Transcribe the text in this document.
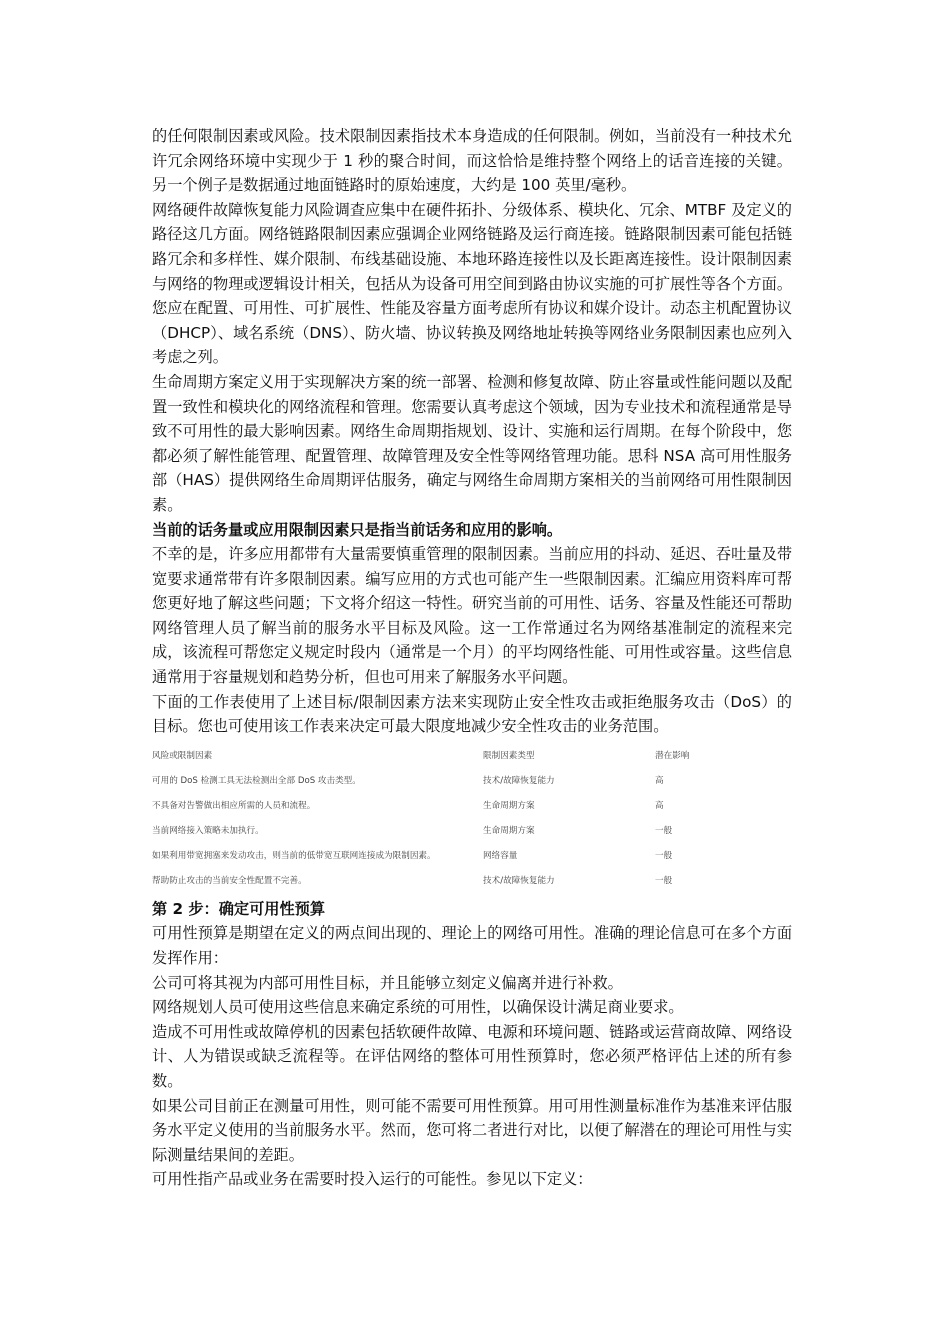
的任何限制因素或风险。技术限制因素指技术本身造成的任何限制。例如，当前没有一种技术允许冗余网络环境中实现少于 1 秒的聚合时间，而这恰恰是维持整个网络上的话音连接的关键。另一个例子是数据通过地面链路时的原始速度，大约是 100 英里/毫秒。

网络硬件故障恢复能力风险调查应集中在硬件拓扑、分级体系、模块化、冗余、MTBF 及定义的路径这几方面。网络链路限制因素应强调企业网络链路及运行商连接。链路限制因素可能包括链路冗余和多样性、媒介限制、布线基础设施、本地环路连接性以及长距离连接性。设计限制因素与网络的物理或逻辑设计相关，包括从为设备可用空间到路由协议实施的可扩展性等各个方面。您应在配置、可用性、可扩展性、性能及容量方面考虑所有协议和媒介设计。动态主机配置协议（DHCP）、域名系统（DNS）、防火墙、协议转换及网络地址转换等网络业务限制因素也应列入考虑之列。

生命周期方案定义用于实现解决方案的统一部署、检测和修复故障、防止容量或性能问题以及配置一致性和模块化的网络流程和管理。您需要认真考虑这个领域，因为专业技术和流程通常是导致不可用性的最大影响因素。网络生命周期指规划、设计、实施和运行周期。在每个阶段中，您都必须了解性能管理、配置管理、故障管理及安全性等网络管理功能。思科 NSA 高可用性服务部（HAS）提供网络生命周期评估服务，确定与网络生命周期方案相关的当前网络可用性限制因素。

当前的话务量或应用限制因素只是指当前话务和应用的影响。

不幸的是，许多应用都带有大量需要慎重管理的限制因素。当前应用的抖动、延迟、吞吐量及带宽要求通常带有许多限制因素。编写应用的方式也可能产生一些限制因素。汇编应用资料库可帮您更好地了解这些问题；下文将介绍这一特性。研究当前的可用性、话务、容量及性能还可帮助网络管理人员了解当前的服务水平目标及风险。这一工作常通过名为网络基准制定的流程来完成，该流程可帮您定义规定时段内（通常是一个月）的平均网络性能、可用性或容量。这些信息通常用于容量规划和趋势分析，但也可用来了解服务水平问题。

下面的工作表使用了上述目标/限制因素方法来实现防止安全性攻击或拒绝服务攻击（DoS）的目标。您也可使用该工作表来决定可最大限度地减少安全性攻击的业务范围。

风险或限制因素	限制因素类型	潜在影响
可用的 DoS 检测工具无法检测出全部 DoS 攻击类型。	技术/故障恢复能力	高
不具备对告警做出相应所需的人员和流程。	生命周期方案	高
当前网络接入策略未加执行。	生命周期方案	一般
如果利用带宽拥塞来发动攻击，则当前的低带宽互联网连接成为限制因素。	网络容量	一般
帮助防止攻击的当前安全性配置不完善。	技术/故障恢复能力	一般

第 2 步：确定可用性预算

可用性预算是期望在定义的两点间出现的、理论上的网络可用性。准确的理论信息可在多个方面发挥作用：

公司可将其视为内部可用性目标，并且能够立刻定义偏离并进行补救。

网络规划人员可使用这些信息来确定系统的可用性，以确保设计满足商业要求。

造成不可用性或故障停机的因素包括软硬件故障、电源和环境问题、链路或运营商故障、网络设计、人为错误或缺乏流程等。在评估网络的整体可用性预算时，您必须严格评估上述的所有参数。

如果公司目前正在测量可用性，则可能不需要可用性预算。用可用性测量标准作为基准来评估服务水平定义使用的当前服务水平。然而，您可将二者进行对比，以便了解潜在的理论可用性与实际测量结果间的差距。

可用性指产品或业务在需要时投入运行的可能性。参见以下定义：
